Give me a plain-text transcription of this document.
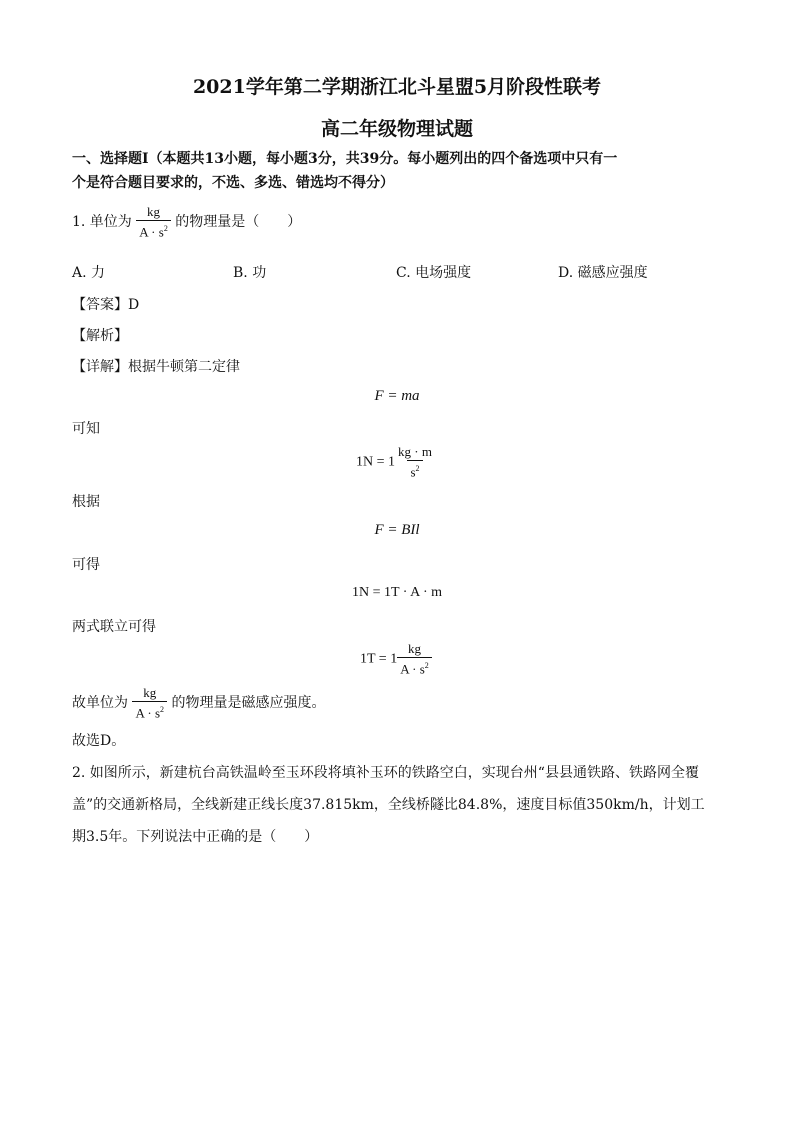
2021学年第二学期浙江北斗星盟5月阶段性联考
高二年级物理试题
一、选择题Ⅰ（本题共13小题，每小题3分，共39分。每小题列出的四个备选项中只有一
个是符合题目要求的，不选、多选、错选均不得分）
1. 单位为 $\frac{kg}{A \cdot s^2}$ 的物理量是（　　）
A. 力	B. 功	C. 电场强度	D. 磁感应强度
【答案】D
【解析】
【详解】根据牛顿第二定律
F = ma
可知
$1N = 1 \frac{kg \cdot m}{s^2}$
根据
F = BIl
可得
1N = 1T · A · m
两式联立可得
$1T = 1 \frac{kg}{A \cdot s^2}$
故单位为 $\frac{kg}{A \cdot s^2}$ 的物理量是磁感应强度。
故选D。
2. 如图所示，新建杭台高铁温岭至玉环段将填补玉环的铁路空白，实现台州“县县通铁路、铁路网全覆
盖”的交通新格局，全线新建正线长度37.815km，全线桥隧比84.8%，速度目标值350km/h，计划工
期3.5年。下列说法中正确的是（　　）
